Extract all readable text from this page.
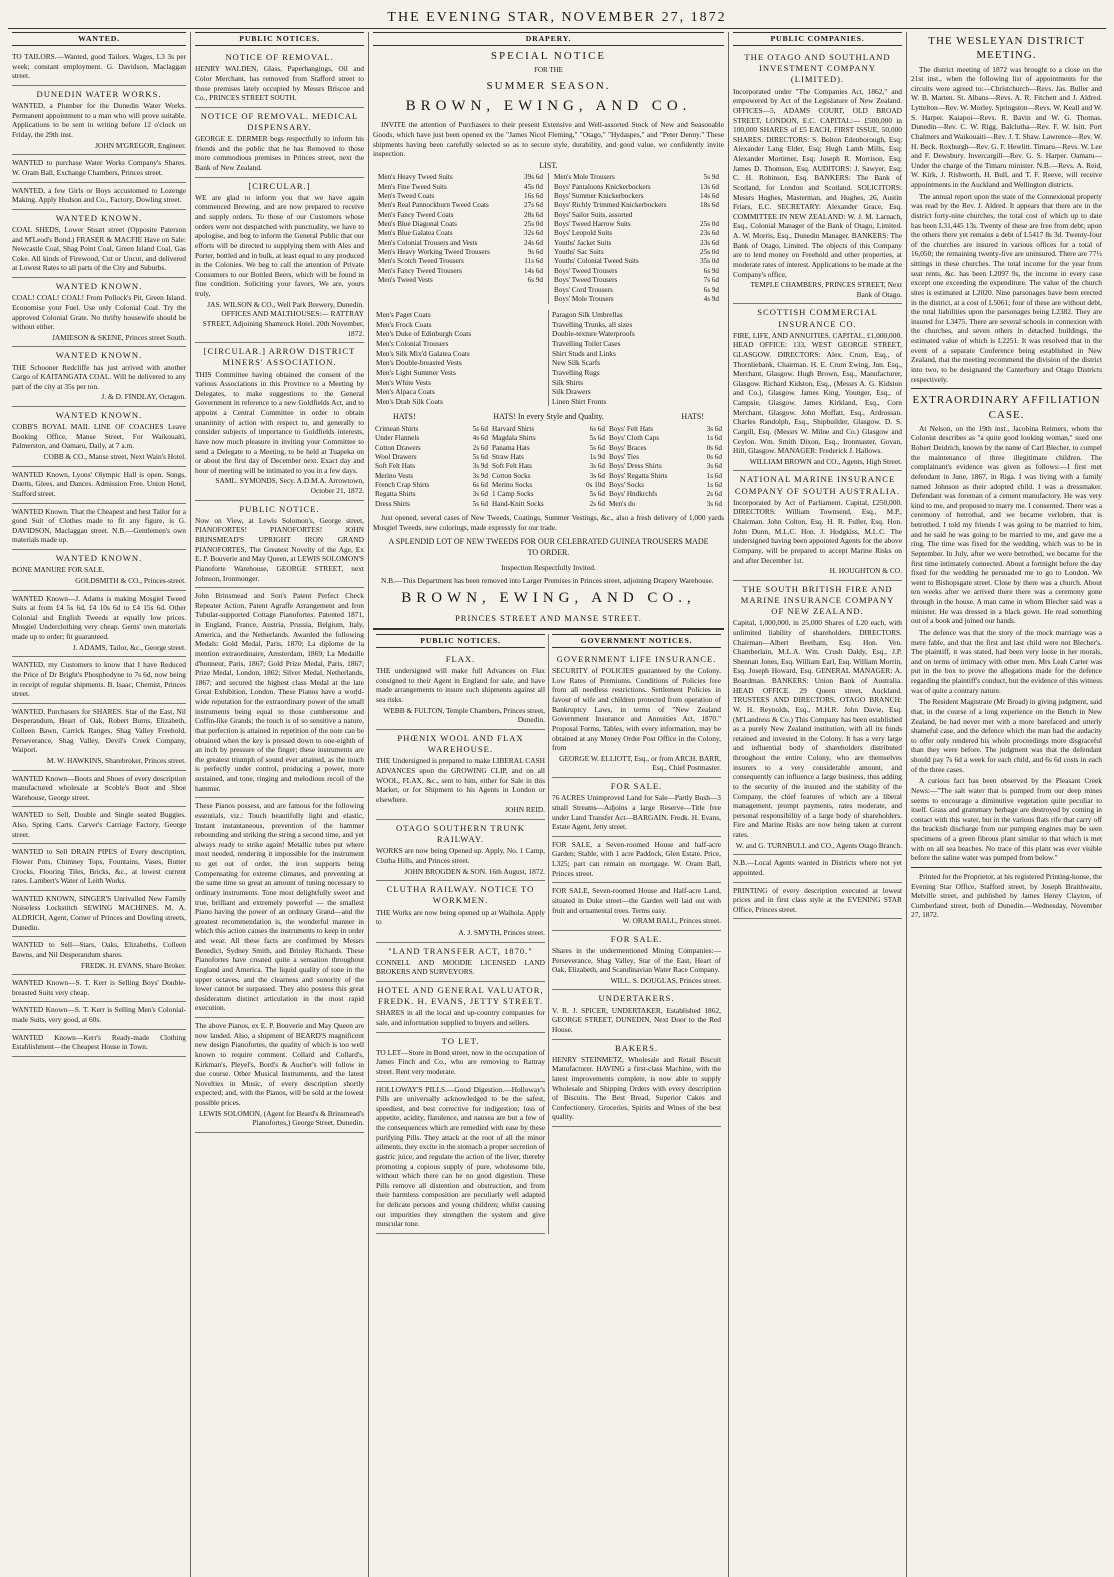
THE EVENING STAR, NOVEMBER 27, 1872
WANTED.

TO TAILORS.—Wanted, good Tailors. Wages, L3 3s per week; constant employment. G. Davidson, Maclaggan street.

DUNEDIN WATER WORKS.

WANTED, a Plumber for the Dunedin Water Works. Permanent appointment to a man who will prove suitable. Applications to be sent in writing before 12 o'clock on Friday, the 29th inst.

JOHN M'GREGOR, Engineer.

WANTED to purchase Water Works Company's Shares. W. Oram Ball, Exchange Chambers, Princes street.

WANTED, a few Girls or Boys accustomed to Lozenge Making. Apply Hudson and Co., Factory, Dowling street.

WANTED KNOWN.

COAL SHEDS, Lower Stuart street (Opposite Paterson and M'Leod's Bond.) FRASER & MACFIE Have on Sale: Newcastle Coal, Shag Point Coal, Green Island Coal, Gas Coke. All kinds of Firewood, Cut or Uncut, and delivered at Lowest Rates to all parts of the City and Suburbs.

WANTED KNOWN.

COAL! COAL! COAL! From Pollock's Pit, Green Island. Economise your Fuel. Use only Colonial Coal. Try the approved Colonial Grate. No thrifty housewife should be without either.

JAMIESON & SKENE, Princes street South.

WANTED KNOWN.

THE Schooner Redcliffe has just arrived with another Cargo of KAITANGATA COAL. Will be delivered to any part of the city at 35s per ton.

J. & D. FINDLAY, Octagon.

WANTED KNOWN.

COBB'S ROYAL MAIL LINE OF COACHES Leave Booking Office, Manse Street, For Waikouaiti, Palmerston, and Oamaru, Daily, at 7 a.m.

COBB & CO., Manse street, Next Wain's Hotel.

WANTED Known, Lyons' Olympic Hall is open. Songs, Duetts, Glees, and Dances. Admission Free. Union Hotel, Stafford street.

WANTED Known. That the Cheapest and best Tailor for a good Suit of Clothes made to fit any figure, is G. DAVIDSON, Maclaggan street. N.B.—Gentlemen's own materials made up.

WANTED KNOWN.

BONE MANURE FOR SALE.

GOLDSMITH & CO., Princes-street.

WANTED Known—J. Adams is making Mosgiel Tweed Suits at from £4 5s 6d, £4 10s 6d to £4 15s 6d. Other Colonial and English Tweeds at equally low prices. Mosgiel Underclothing very cheap. Gents' own materials made up to order; fit guaranteed.

J. ADAMS, Tailor, &c., George street.

WANTED, my Customers to know that I have Reduced the Price of Dr Bright's Phosphodyne to 7s 6d, now being in receipt of regular shipments. B. Isaac, Chemist, Princes street.

WANTED, Purchasers for SHARES. Star of the East, Nil Desperandum, Heart of Oak, Robert Burns, Elizabeth, Colleen Bawn, Carrick Ranges, Shag Valley Freehold, Perseverance, Shag Valley, Devil's Creek Company, Waipori.

M. W. HAWKINS, Sharebroker, Princes street.

WANTED Known—Boots and Shoes of every description manufactured wholesale at Scoble's Boot and Shoe Warehouse, George street.

WANTED to Sell, Double and Single seated Buggies. Also, Spring Carts. Carver's Carriage Factory, George street.

WANTED to Sell DRAIN PIPES of Every description, Flower Pots, Chimney Tops, Fountains, Vases, Butter Crocks, Flooring Tiles, Bricks, &c., at lowest current rates. Lambert's Water of Leith Works.

WANTED KNOWN, SINGER'S Unrivalled New Family Noiseless Lockstitch SEWING MACHINES. M. A. ALDRICH, Agent, Corner of Princes and Dowling streets, Dunedin.

WANTED to Sell—Stars, Oaks, Elizabeths, Colleen Bawns, and Nil Desperandum shares.

FREDK. H. EVANS, Share Broker.

WANTED Known—S. T. Kerr is Selling Boys' Double-breasted Suits very cheap.

WANTED Known—S. T. Kerr is Selling Men's Colonial-made Suits, very good, at 60s.

WANTED Known—Kerr's Ready-made Clothing Establishment—the Cheapest House in Town.

PUBLIC NOTICES.
NOTICE OF REMOVAL.

HENRY WALDEN, Glass, Paperhangings, Oil and Color Merchant, has removed from Stafford street to those premises lately occupied by Messrs Briscoe and Co., PRINCES STREET SOUTH.

NOTICE OF REMOVAL. MEDICAL DISPENSARY.

GEORGE E. DERMER begs respectfully to inform his friends and the public that he has Removed to those more commodious premises in Princes street, next the Bank of New Zealand.

[CIRCULAR.]

WE are glad to inform you that we have again commenced Brewing, and are now prepared to receive and supply orders. To those of our Customers whose orders were not despatched with punctuality, we have to apologise, and beg to inform the General Public that our efforts will be directed to supplying them with Ales and Porter, bottled and in bulk, at least equal to any produced in the Colonies. We beg to call the attention of Private Consumers to our Bottled Beers, which will be found in fine condition. Soliciting your favors, We are, yours truly,

JAS. WILSON & CO., Well Park Brewery, Dunedin. OFFICES AND MALTHOUSES:— RATTRAY STREET, Adjoining Shamrock Hotel. 20th November, 1872.

[CIRCULAR.] ARROW DISTRICT MINERS' ASSOCIATION.

THIS Committee having obtained the consent of the various Associations in this Province to a Meeting by Delegates, to make suggestions to the General Government in reference to a new Goldfields Act, and to appoint a Central Committee in order to obtain unanimity of action with respect to, and generally to consider subjects of importance to Goldfields interests, have now much pleasure in inviting your Committee to send a Delegate to a Meeting, to be held at Tuapeka on or about the first day of December next. Exact day and hour of meeting will be intimated to you in a few days.

SAML. SYMONDS, Secy. A.D.M.A. Arrowtown, October 21, 1872.

PUBLIC NOTICE.

Now on View, at Lewis Solomon's, George street, PIANOFORTES! PIANOFORTES! JOHN BRINSMEAD'S UPRIGHT IRON GRAND PIANOFORTES, The Greatest Novelty of the Age, Ex E. P. Bouverie and May Queen, at LEWIS SOLOMON'S Pianoforte Warehouse, GEORGE STREET, next Johnson, Ironmonger.

John Brinsmead and Son's Patent Perfect Check Repeater Action, Patent Agraffe Arrangement and Iron Tubular-supported Cottage Pianofortes. Patented 1871, in England, France, Austria, Prussia, Belgium, Italy, America, and the Netherlands. Awarded the following Medals: Gold Medal, Paris, 1870; La diplome de la mention extraordinaire, Amsterdam, 1869; La Medaille d'honneur, Paris, 1867; Gold Prize Medal, Paris, 1867; Prize Medal, London, 1862; Silver Medal, Netherlands, 1867; and secured the highest class Medal at the late Great Exhibition, London. These Pianos have a world-wide reputation for the extraordinary power of the small instruments being equal to those cumbersome and Coffin-like Grands; the touch is of so sensitive a nature, that perfection is attained in repetition of the note can be obtained when the key is pressed down to one-eighth of an inch by pressure of the finger; these instruments are the greatest triumph of sound ever attained, as the touch is perfectly under control, producing a power, more sustained, and tone, ringing and melodious recoil of the hammer.

These Pianos possess, and are famous for the following essentials, viz.: Touch beautifully light and elastic, Instant instantaneous, prevention of the hammer rebounding and striking the string a second time, and yet always ready to strike again! Metallic tubes put where most needed, rendering it impossible for the instrument to get out of order, the iron supports being Compensating for extreme climates, and preventing at the same time so great an amount of tuning necessary to ordinary instruments. Tone most delightfully sweet and true, brilliant and extremely powerful — the smallest Piano having the power of an ordinary Grand—and the greatest recommendation is, the wonderful manner in which this action causes the instruments to keep in order and wear. All these facts are confirmed by Messrs Benedict, Sydney Smith, and Brinley Richards. These Pianofortes have created quite a sensation throughout England and America. The liquid quality of tone in the upper octaves, and the clearness and sonority of the lower cannot be surpassed. They also possess this great desideratum distinct articulation in the most rapid execution.

The above Pianos, ex E. P. Bouverie and May Queen are now landed. Also, a shipment of BEARD'S magnificent new design Pianofortes, the quality of which is too well known to require comment. Collard and Collard's, Kirkman's, Pleyel's, Bord's & Aucher's will follow in due course. Other Musical Instruments, and the latest Novelties in Music, of every description shortly expected; and, with the Pianos, will be sold at the lowest possible prices.

LEWIS SOLOMON, (Agent for Beard's & Brinsmead's Pianofortes,) George Street, Dunedin.

DRAPERY.
SPECIAL NOTICE
FOR THE
SUMMER SEASON.
BROWN, EWING, AND CO.

INVITE the attention of Purchasers to their present Extensive and Well-assorted Stock of New and Seasonable Goods, which have just been opened ex the "James Nicol Fleming," "Otago," "Hydaspes," and "Peter Denny." These shipments having been carefully selected so as to secure style, durability, and good value, we confidently invite inspection.

LIST.
Men's Heavy Tweed Suits	39s 6d
Men's Fine Tweed Suits	45s 0d
Men's Tweed Coats	16s 6d
Men's Real Pannockburn Tweed Coats	27s 6d
Men's Fancy Tweed Coats	28s 6d
Men's Blue Diagonal Coats	25s 0d
Men's Blue Galatea Coats	32s 6d
Men's Colonial Trousers and Vests	24s 6d
Men's Heavy Working Tweed Trousers	9s 6d
Men's Scotch Tweed Trousers	11s 6d
Men's Fancy Tweed Trousers	14s 6d
Men's Tweed Vests	6s 9d
Men's Mole Trousers	5s 9d
Boys' Pantaloons Knickerbockers	13s 6d
Boys' Summer Knickerbockers	14s 6d
Boys' Richly Trimmed Knickerbockers	18s 6d
Boys' Sailor Suits, assorted	
Boys' Tweed Harrow Suits	25s 0d
Boys' Leopold Suits	23s 6d
Youths' Jacket Suits	23s 6d
Youths' Sac Suits	25s 0d
Youths' Colonial Tweed Suits	35s 0d
Boys' Tweed Trousers	6s 9d
Boys' Tweed Trousers	7s 6d
Boys' Cord Trousers	6s 9d
Boys' Mole Trousers	4s 9d
Men's Paget Coats
Men's Frock Coats
Men's Duke of Edinburgh Coats
Men's Colonial Trousers
Men's Silk Mix'd Galatea Coats
Men's Double-breasted Vests
Men's Light Summer Vests
Men's White Vests
Men's Alpaca Coats
Men's Drab Silk Coats
Paragon Silk Umbrellas
Travelling Trunks, all sizes
Double-texture Waterproofs
Travelling Toilet Cases
Shirt Studs and Links
New Silk Scarfs
Travelling Rugs
Silk Shirts
Silk Drawers
Linen Shirt Fronts
HATS!	HATS! In every Style and Quality.	HATS!
Crimean Shirts	5s 6d
Under Flannels	4s 6d
Cotton Drawers	2s 6d
Wool Drawers	5s 6d
Soft Felt Hats	3s 9d
Merino Vests	3s 9d
French Crap Shirts	6s 6d
Regatta Shirts	3s 6d
Dress Shirts	5s 6d
Harvard Shirts	6s 6d
Magdala Shirts	5s 6d
Panama Hats	5s 6d
Straw Hats	1s 9d
Soft Felt Hats	3s 6d
Cotton Socks	3s 6d
Merino Socks	0s 10d
1 Camp Socks	5s 6d
Hand-Knitt Socks	2s 6d
Boys' Felt Hats	3s 6d
Boys' Cloth Caps	1s 6d
Boys' Braces	0s 6d
Boys' Ties	0s 6d
Boys' Dress Shirts	3s 6d
Boys' Regatta Shirts	1s 6d
Boys' Socks	1s 6d
Boys' Hndkrchfs	2s 6d
Men's do	3s 6d

Just opened, several cases of New Tweeds, Coatings, Summer Vestings, &c., also a fresh delivery of 1,000 yards Mosgiel Tweeds, new colorings, made expressly for our trade.

A SPLENDID LOT OF NEW TWEEDS FOR OUR CELEBRATED GUINEA TROUSERS MADE TO ORDER.
Inspection Respectfully Invited.

N.B.—This Department has been removed into Larger Premises in Princes street, adjoining Drapery Warehouse.

BROWN, EWING, AND CO.,
PRINCES STREET AND MANSE STREET.
PUBLIC NOTICES.
FLAX.

THE undersigned will make full Advances on Flax consigned to their Agent in England for sale, and have made arrangements to insure such shipments against all sea risks.

WEBB & FULTON, Temple Chambers, Princes street, Dunedin.

PHŒNIX WOOL AND FLAX WAREHOUSE.

THE Undersigned is prepared to make LIBERAL CASH ADVANCES upon the GROWING CLIP, and on all WOOL, FLAX, &c., sent to him, either for Sale in this Market, or for Shipment to his Agents in London or elsewhere.

JOHN REID.

OTAGO SOUTHERN TRUNK RAILWAY.

WORKS are now being Opened up. Apply, No. 1 Camp, Clutha Hills, and Princes street.

JOHN BROGDEN & SON. 16th August, 1872.

CLUTHA RAILWAY. NOTICE TO WORKMEN.

THE Works are now being opened up at Waihola. Apply to

A. J. SMYTH, Princes street.

"LAND TRANSFER ACT, 1870."

CONNELL AND MOODIE LICENSED LAND BROKERS AND SURVEYORS.

HOTEL AND GENERAL VALUATOR, FREDK. H. EVANS, JETTY STREET.

SHARES in all the local and up-country companies for sale, and information supplied to buyers and sellers.

TO LET.

TO LET—Store in Bond street, now in the occupation of James Finch and Co., who are removing to Rattray street. Rent very moderate.

HOLLOWAY'S PILLS.—Good Digestion.—Holloway's Pills are universally acknowledged to be the safest, speediest, and best corrective for indigestion; loss of appetite, acidity, flatulence, and nausea are but a few of the consequences which are remedied with ease by these purifying Pills. They attack at the root of all the minor ailments, they excite in the stomach a proper secretion of gastric juice, and regulate the action of the liver, thereby promoting a copious supply of pure, wholesome bile, without which there can be no good digestion. These Pills remove all distention and obstruction, and from their harmless composition are peculiarly well adapted for delicate persons and young children; whilst causing out impurities they strengthen the system and give muscular tone.

GOVERNMENT NOTICES.
GOVERNMENT LIFE INSURANCE.

SECURITY of POLICIES guaranteed by the Colony. Low Rates of Premiums. Conditions of Policies free from all needless restrictions. Settlement Policies in favour of wife and children protected from operation of Bankruptcy Laws, in terms of "New Zealand Government Insurance and Annuities Act, 1870." Proposal Forms, Tables, with every information, may be obtained at any Money Order Post Office in the Colony, from

GEORGE W. ELLIOTT, Esq., or from ARCH. BARR, Esq., Chief Postmaster.

FOR SALE.

76 ACRES Unimproved Land for Sale—Partly Bush—3 small Streams—Adjoins a large Reserve—Title free under Land Transfer Act—BARGAIN. Fredk. H. Evans, Estate Agent, Jetty street.

FOR SALE, a Seven-roomed House and half-acre Garden; Stable, with 1 acre Paddock, Glen Estate. Price, L325; part can remain on mortgage. W. Oram Ball, Princes street.

FOR SALE, Seven-roomed House and Half-acre Land, situated in Duke street—the Garden well laid out with fruit and ornamental trees. Terms easy.

W. ORAM BALL, Princes street.

FOR SALE.

Shares in the undermentioned Mining Companies:— Perseverance, Shag Valley, Star of the East, Heart of Oak, Elizabeth, and Scandinavian Water Race Company.

WILL. S. DOUGLAS, Princes street.

UNDERTAKERS.

V. R. J. SPICER, UNDERTAKER, Established 1862, GEORGE STREET, DUNEDIN, Next Door to the Red House.

BAKERS.

HENRY STEINMETZ, Wholesale and Retail Biscuit Manufacturer. HAVING a first-class Machine, with the latest improvements complete, is now able to supply Wholesale and Shipping Orders with every description of Biscuits. The Best Bread, Superior Cakes and Confectionery. Groceries, Spirits and Wines of the best quality.

PUBLIC COMPANIES.
THE OTAGO AND SOUTHLAND INVESTMENT COMPANY (LIMITED).

Incorporated under "The Companies Act, 1862," and empowered by Act of the Legislature of New Zealand. OFFICES—5, ADAMS COURT, OLD BROAD STREET, LONDON, E.C. CAPITAL:— £500,000 in 100,000 SHARES of £5 EACH, FIRST ISSUE, 50,000 SHARES. DIRECTORS: S. Bolton Edenborough, Esq; Alexander Lang Elder, Esq; Hugh Lamb Mills, Esq; Alexander Mortimer, Esq; Joseph R. Morrison, Esq; James D. Thomson, Esq. AUDITORS: J. Sawyer, Esq; C. H. Robinson, Esq. BANKERS: The Bank of Scotland, for London and Scotland. SOLICITORS: Messrs Hughes, Masterman, and Hughes, 26, Austin Friars, E.C. SECRETARY: Alexander Grace, Esq. COMMITTEE IN NEW ZEALAND: W. J. M. Larnach, Esq., Colonial Manager of the Bank of Otago, Limited. A. W. Morris, Esq., Dunedin Manager. BANKERS: The Bank of Otago, Limited. The objects of this Company are to lend money on Freehold and other properties, at moderate rates of interest. Applications to be made at the Company's office,

TEMPLE CHAMBERS, PRINCES STREET, Next Bank of Otago.

SCOTTISH COMMERCIAL INSURANCE CO.

FIRE, LIFE, AND ANNUITIES. CAPITAL, £1,000,000. HEAD OFFICE: 133, WEST GEORGE STREET, GLASGOW. DIRECTORS: Alex. Crum, Esq., of Thornliebank, Chairman. H. E. Crum Ewing, Jun. Esq., Merchant, Glasgow. Hugh Brown, Esq., Manufacturer, Glasgow. Richard Kidston, Esq., (Messrs A. G. Kidston and Co.), Glasgow. James King, Younger, Esq., of Campsie, Glasgow. James Kirkland, Esq., Corn Merchant, Glasgow. John Moffatt, Esq., Ardrossan. Charles Randolph, Esq., Shipbuilder, Glasgow. D. S. Cargill, Esq. (Messrs W. Milne and Co.) Glasgow and Ceylon. Wm. Smith Dixon, Esq., Ironmaster, Govan, Hill, Glasgow. MANAGER: Frederick J. Hallows.

WILLIAM BROWN and CO., Agents, High Street.

NATIONAL MARINE INSURANCE COMPANY OF SOUTH AUSTRALIA.

Incorporated by Act of Parliament. Capital, £250,000. DIRECTORS: William Townsend, Esq., M.P., Chairman. John Colton, Esq. H. R. Fuller, Esq. Hon. John Dunn, M.L.C. Hon. J. Hodgkiss, M.L.C. The undersigned having been appointed Agents for the above Company, will be prepared to accept Marine Risks on and after December 1st.

H. HOUGHTON & CO.

THE SOUTH BRITISH FIRE AND MARINE INSURANCE COMPANY OF NEW ZEALAND.

Capital, 1,000,000, in 25,000 Shares of L20 each, with unlimited liability of shareholders. DIRECTORS. Chairman—Albert Beetham, Esq. Hon. Ven. Chamberlain, M.L.A. Wm. Crush Daldy, Esq., J.P. Shennan Jones, Esq. William Earl, Esq. William Morrin, Esq. Joseph Howard, Esq. GENERAL MANAGER: A. Boardman. BANKERS: Union Bank of Australia. HEAD OFFICE. 29 Queen street, Auckland. TRUSTEES AND DIRECTORS, OTAGO BRANCH: W. H. Reynolds, Esq., M.H.R. John Davie, Esq. (M'Landress & Co.) This Company has been established as a purely New Zealand institution, with all its funds retained and invested in the Colony. It has a very large and influential body of shareholders distributed throughout the entire Colony, who are themselves insurers to a very considerable amount, and consequently can influence a large business, thus adding to the security of the insured and the stability of the Company, the chief features of which are a liberal management, prompt payments, rates moderate, and personal responsibility of a large body of shareholders. Fire and Marine Risks are now being taken at current rates.

W. and G. TURNBULL and CO., Agents Otago Branch.

N.B.—Local Agents wanted in Districts where not yet appointed.

PRINTING of every description executed at lowest prices and in first class style at the EVENING STAR Office, Princes street.

THE WESLEYAN DISTRICT MEETING.

The district meeting of 1872 was brought to a close on the 21st inst., when the following list of appointments for the circuits were agreed to:—Christchurch—Revs. Jas. Buller and W. B. Marten. St. Albans—Revs. A. R. Fitchett and J. Aldred. Lyttelton—Rev. W. Morley. Springston—Revs. W. Keall and W. S. Harper. Kaiapoi—Revs. R. Bavin and W. G. Thomas. Dunedin—Rev. C. W. Rigg. Balclutha—Rev. F. W. Isitt. Port Chalmers and Waikouaiti—Rev. J. T. Shaw. Lawrence—Rev. W. H. Beck. Roxburgh—Rev. G. F. Hewlitt. Timaru—Revs. W. Lee and F. Dewsbury. Invercargill—Rev. G. S. Harper. Oamaru—Under the charge of the Timaru minister. N.B.—Revs. A. Reid, W. Kirk, J. Rishworth, H. Bull, and T. F. Reeve, will receive appointments in the Auckland and Wellington districts.

The annual report upon the state of the Connexional property was read by the Rev. J. Aldred. It appears that there are in the district forty-nine churches, the total cost of which up to date has been L31,445 13s. Twenty of these are free from debt; upon the others there yet remains a debt of L5417 8s 3d. Twenty-four of the churches are insured in various offices for a total of 16,050; the remaining twenty-five are uninsured. There are 77½ sittings in these churches. The total income for the year from seat rents, &c. has been L2097 9s, the income in every case except one exceeding the expenditure. The value of the church sites is estimated at L2020. Nine parsonages have been erected in the district, at a cost of L5061; four of these are without debt, the total liabilities upon the parsonages being L2382. They are insured for L3475. There are several schools in connexion with the churches, and seven others in detached buildings, the estimated value of which is L2251. It was resolved that in the event of a separate Conference being established in New Zealand, that the meeting recommend the division of the district into two, to be designated the Canterbury and Otago Districts respectively.

EXTRAORDINARY AFFILIATION CASE.

At Nelson, on the 19th inst., Jacobina Reimers, whom the Colonist describes as "a quite good looking woman," sued one Robert Deidrich, known by the name of Carl Blecher, to compel the maintenance of three illegitimate children. The complainant's evidence was given as follows:—I first met defendant in June, 1867, in Riga. I was living with a family named Johnson as their adopted child. I was a dressmaker. Defendant was foreman of a cement manufactory. He was very kind to me, and proposed to marry me. I consented. There was a ceremony of betrothal, and we became verloben, that is betrothed. I told my friends I was going to be married to him, and he said he was going to be married to me, and gave me a ring. The time was fixed for the wedding, which was to be in September. In July, after we were betrothed, we became for the first time intimately connected. About a fortnight before the day fixed for the wedding he persuaded me to go to London. We went to Bishopsgate street. Close by there was a church. About ten weeks after we arrived there there was a ceremony gone through in the house. A man came in whom Blecher said was a minister. He was dressed in a black gown. He read something out of a book and joined our hands.

The defence was that the story of the mock marriage was a mere fable, and that the first and last child were not Blecher's. The plaintiff, it was stated, had been very loose in her morals, and on terms of intimacy with other men. Mrs Leah Carter was put in the box to prove the allegations made for the defence regarding the plaintiff's conduct, but the evidence of this witness was of quite a contrary nature.

The Resident Magistrate (Mr Broad) in giving judgment, said that, in the course of a long experience on the Bench in New Zealand, he had never met with a more barefaced and utterly shameful case, and the defence which the man had the audacity to offer only rendered his whole proceedings more disgraceful than they were before. The judgment was that the defendant should pay 7s 6d a week for each child, and 6s 6d costs in each of the three cases.

A curious fact has been observed by the Pleasant Creek News:—"The salt water that is pumped from our deep mines seems to encourage a diminutive vegetation quite peculiar to itself. Grass and grammary herbage are destroyed by coming in contact with this water, but in the various flats rife that carry off the brackish discharge from our pumping engines may be seen specimens of a green fibrous plant similar to that which is met with on all sea beaches. No trace of this plant was ever visible before the saline water was pumped from below."

Printed for the Proprietor, at his registered Printing-house, the Evening Star Office, Stafford street, by Joseph Braithwaite, Melville street, and published by James Henry Clayton, of Cumberland street, both of Dunedin.—Wednesday, November 27, 1872.
